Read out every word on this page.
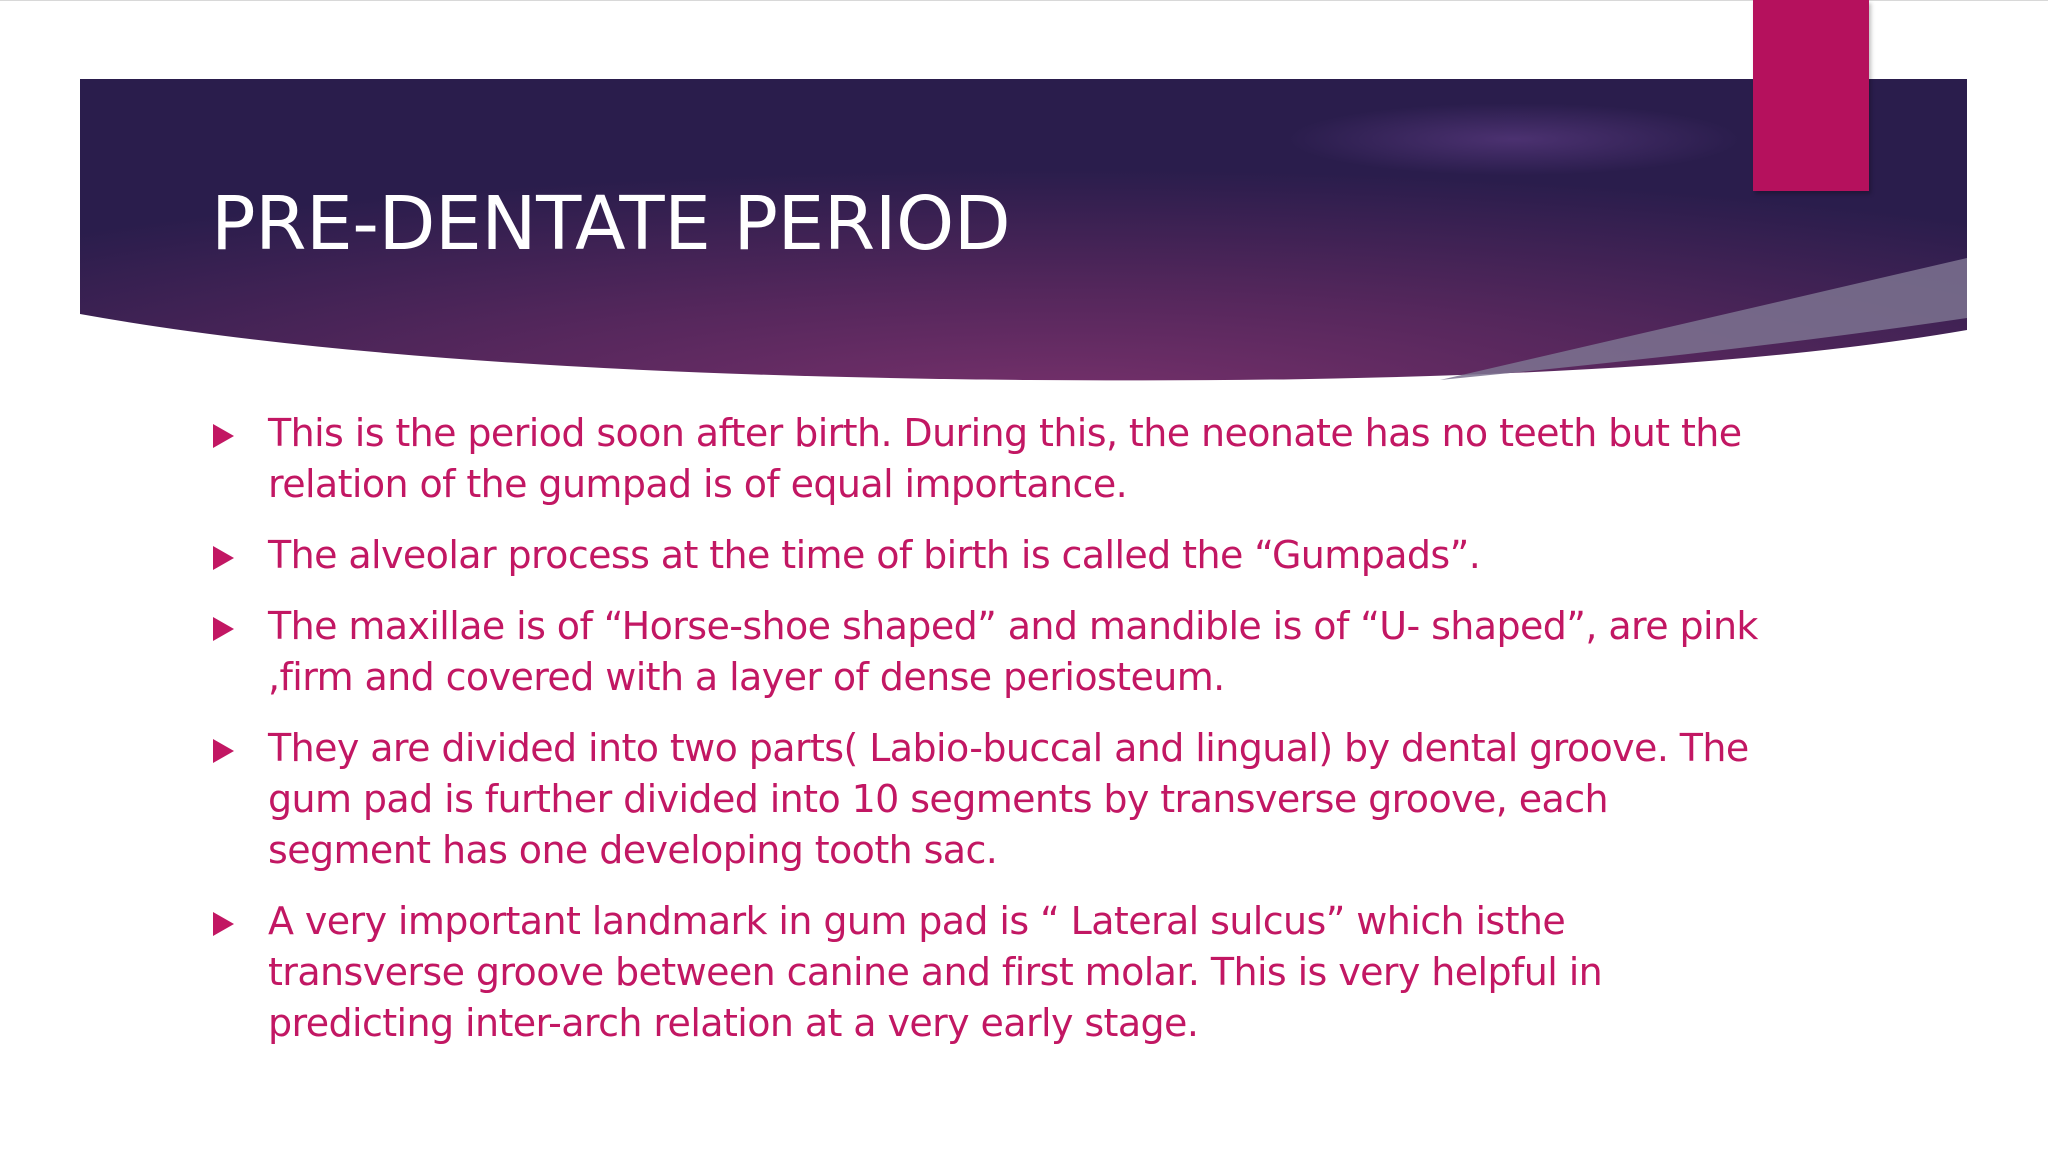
PRE-DENTATE PERIOD
This is the period soon after birth. During this, the neonate has no teeth but the relation of the gumpad is of equal importance.
The alveolar process at the time of birth is called the “Gumpads”.
The maxillae is of “Horse-shoe shaped” and mandible is of “U- shaped”, are pink ,firm and covered with a layer of dense periosteum.
They are divided into two parts( Labio-buccal and lingual) by dental groove. The gum pad is further divided into 10 segments by transverse groove, each segment has one developing tooth sac.
A very important landmark in gum pad is “ Lateral sulcus” which isthe transverse groove between canine and first molar. This is very helpful in predicting inter-arch relation at a very early stage.
